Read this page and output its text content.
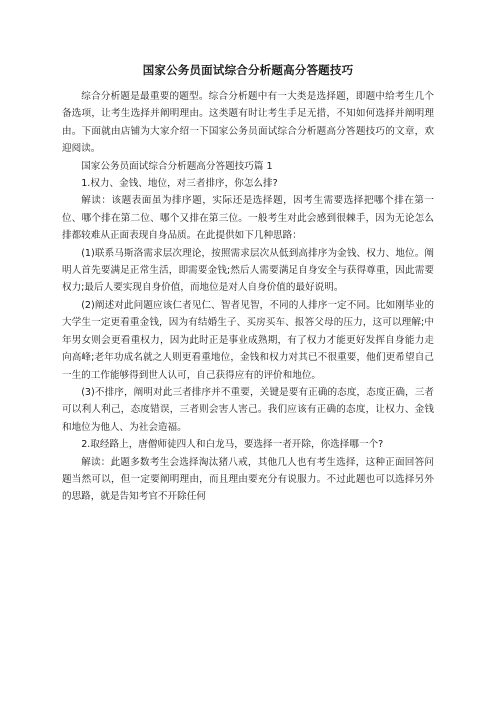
国家公务员面试综合分析题高分答题技巧

综合分析题是最重要的题型。综合分析题中有一大类是选择题，即题中给考生几个备选项，让考生选择并阐明理由。这类题有时让考生手足无措，不知如何选择并阐明理由。下面就由店铺为大家介绍一下国家公务员面试综合分析题高分答题技巧的文章，欢迎阅读。

国家公务员面试综合分析题高分答题技巧篇 1

1.权力、金钱、地位，对三者排序，你怎么排?

解读：该题表面虽为排序题，实际还是选择题，因考生需要选择把哪个排在第一位、哪个排在第二位、哪个又排在第三位。一般考生对此会感到很棘手，因为无论怎么排都较难从正面表现自身品质。在此提供如下几种思路：

(1)联系马斯洛需求层次理论，按照需求层次从低到高排序为金钱、权力、地位。阐明人首先要满足正常生活，即需要金钱;然后人需要满足自身安全与获得尊重，因此需要权力;最后人要实现自身价值，而地位是对人自身价值的最好说明。

(2)阐述对此问题应该仁者见仁、智者见智，不同的人排序一定不同。比如刚毕业的大学生一定更看重金钱，因为有结婚生子、买房买车、报答父母的压力，这可以理解;中年男女则会更看重权力，因为此时正是事业成熟期，有了权力才能更好发挥自身能力走向高峰;老年功成名就之人则更看重地位，金钱和权力对其已不很重要，他们更希望自己一生的工作能够得到世人认可，自己获得应有的评价和地位。

(3)不排序，阐明对此三者排序并不重要，关键是要有正确的态度，态度正确，三者可以利人利己，态度错误，三者则会害人害己。我们应该有正确的态度，让权力、金钱和地位为他人、为社会造福。

2.取经路上，唐僧师徒四人和白龙马，要选择一者开除，你选择哪一个?

解读：此题多数考生会选择淘汰猪八戒，其他几人也有考生选择，这种正面回答问题当然可以，但一定要阐明理由，而且理由要充分有说服力。不过此题也可以选择另外的思路，就是告知考官不开除任何
